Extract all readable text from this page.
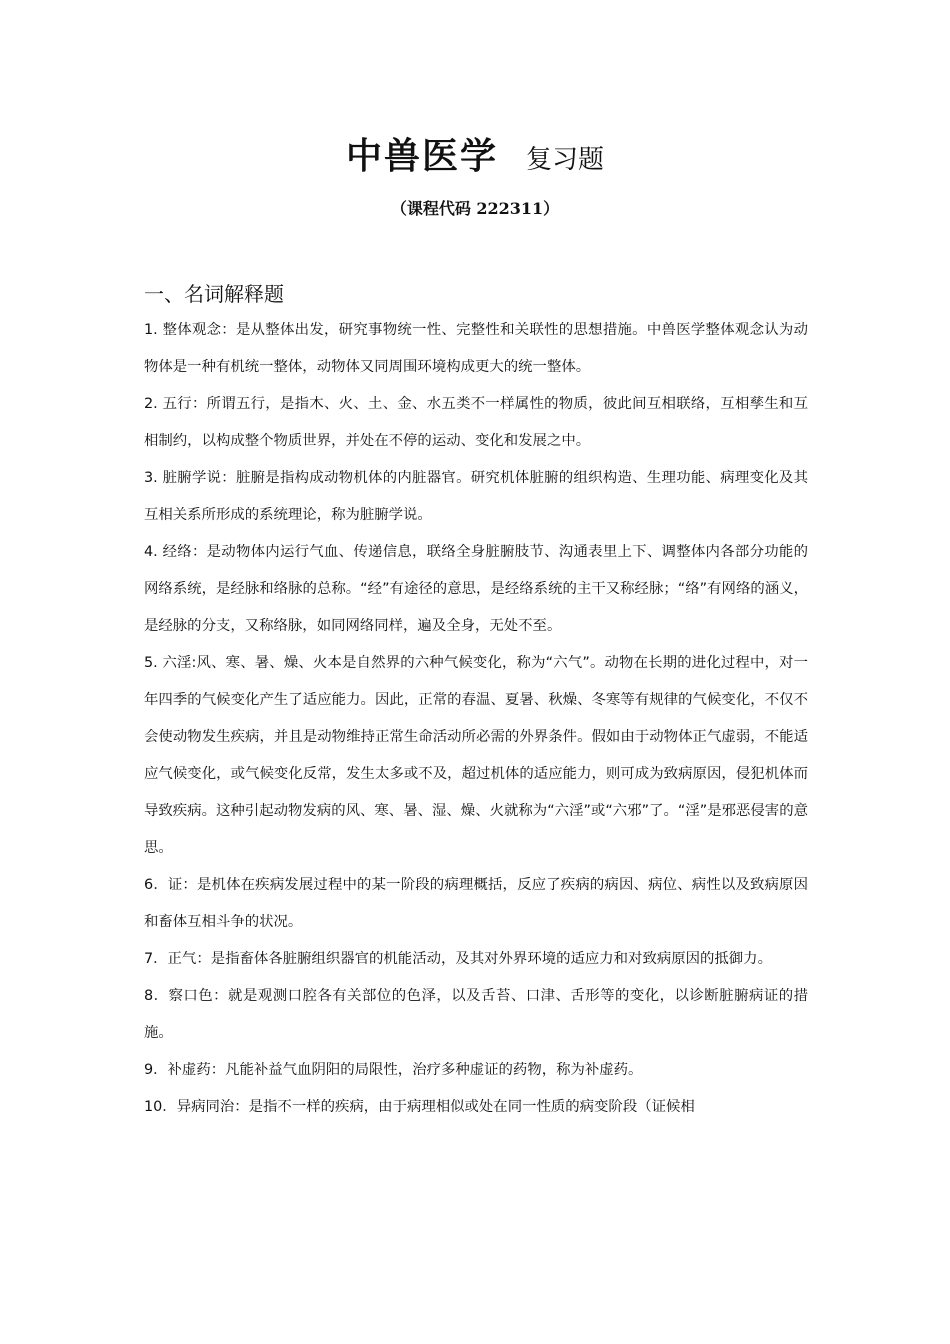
中兽医学 复习题
（课程代码 222311）
一、名词解释题

1. 整体观念：是从整体出发，研究事物统一性、完整性和关联性的思想措施。中兽医学整体观念认为动物体是一种有机统一整体，动物体又同周围环境构成更大的统一整体。

2. 五行：所谓五行，是指木、火、土、金、水五类不一样属性的物质，彼此间互相联络，互相孳生和互相制约，以构成整个物质世界，并处在不停的运动、变化和发展之中。

3. 脏腑学说：脏腑是指构成动物机体的内脏器官。研究机体脏腑的组织构造、生理功能、病理变化及其互相关系所形成的系统理论，称为脏腑学说。

4. 经络：是动物体内运行气血、传递信息，联络全身脏腑肢节、沟通表里上下、调整体内各部分功能的网络系统，是经脉和络脉的总称。“经”有途径的意思，是经络系统的主干又称经脉；“络”有网络的涵义，是经脉的分支，又称络脉，如同网络同样，遍及全身，无处不至。

5. 六淫:风、寒、暑、燥、火本是自然界的六种气候变化，称为“六气”。动物在长期的进化过程中，对一年四季的气候变化产生了适应能力。因此，正常的春温、夏暑、秋燥、冬寒等有规律的气候变化，不仅不会使动物发生疾病，并且是动物维持正常生命活动所必需的外界条件。假如由于动物体正气虚弱，不能适应气候变化，或气候变化反常，发生太多或不及，超过机体的适应能力，则可成为致病原因，侵犯机体而导致疾病。这种引起动物发病的风、寒、暑、湿、燥、火就称为“六淫”或“六邪”了。“淫”是邪恶侵害的意思。

6．证：是机体在疾病发展过程中的某一阶段的病理概括，反应了疾病的病因、病位、病性以及致病原因和畜体互相斗争的状况。

7．正气：是指畜体各脏腑组织器官的机能活动，及其对外界环境的适应力和对致病原因的抵御力。

8．察口色：就是观测口腔各有关部位的色泽，以及舌苔、口津、舌形等的变化，以诊断脏腑病证的措施。

9．补虚药：凡能补益气血阴阳的局限性，治疗多种虚证的药物，称为补虚药。

10．异病同治：是指不一样的疾病，由于病理相似或处在同一性质的病变阶段（证候相
